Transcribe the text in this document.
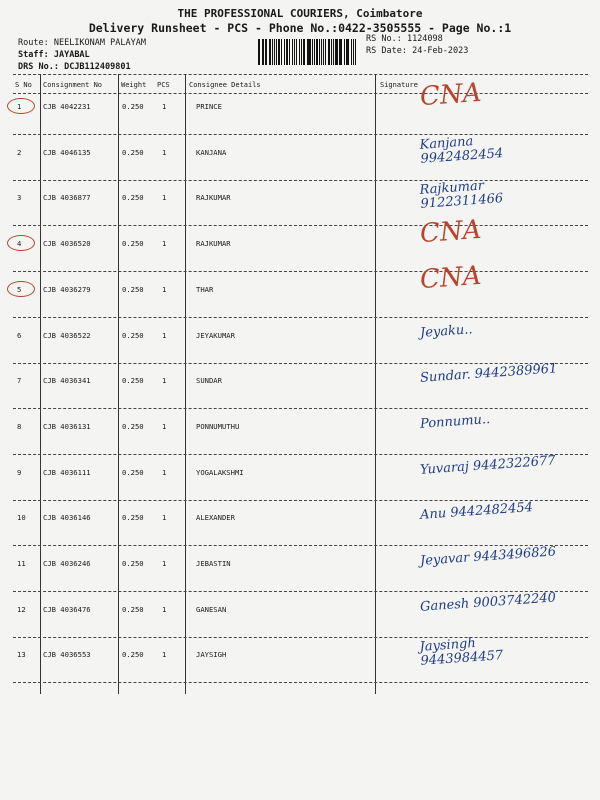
THE PROFESSIONAL COURIERS, Coimbatore
Delivery Runsheet - PCS - Phone No.:0422-3505555 - Page No.:1
Route: NEELIKONAM PALAYAM
Staff: JAYABAL
DRS No.: DCJB112409801
RS No.: 1124098
RS Date: 24-Feb-2023
S No Consignment No	Weight PCS	Consignee Details	Signature
1	CJB 4042231	0.250	1	PRINCE	CNA
2	CJB 4046135	0.250	1	KANJANA	Kanjana 9942482454
3	CJB 4036877	0.250	1	RAJKUMAR	Rajkumar 9122311466
4	CJB 4036520	0.250	1	RAJKUMAR	CNA
5	CJB 4036279	0.250	1	THAR	CNA
6	CJB 4036522	0.250	1	JEYAKUMAR	Jeyaku..
7	CJB 4036341	0.250	1	SUNDAR	Sundar. 9442389961
8	CJB 4036131	0.250	1	PONNUMUTHU	Ponnumu..
9	CJB 4036111	0.250	1	YOGALAKSHMI	Yuvaraj 9442322677
10 CJB 4036146	0.250	1	ALEXANDER	Anu 9442482454
11 CJB 4036246	0.250	1	JEBASTIN	Jeyavar 9443496826
12 CJB 4036476	0.250	1	GANESAN	Ganesh 9003742240
13 CJB 4036553	0.250	1	JAYSIGH	Jaysingh 9443984457
